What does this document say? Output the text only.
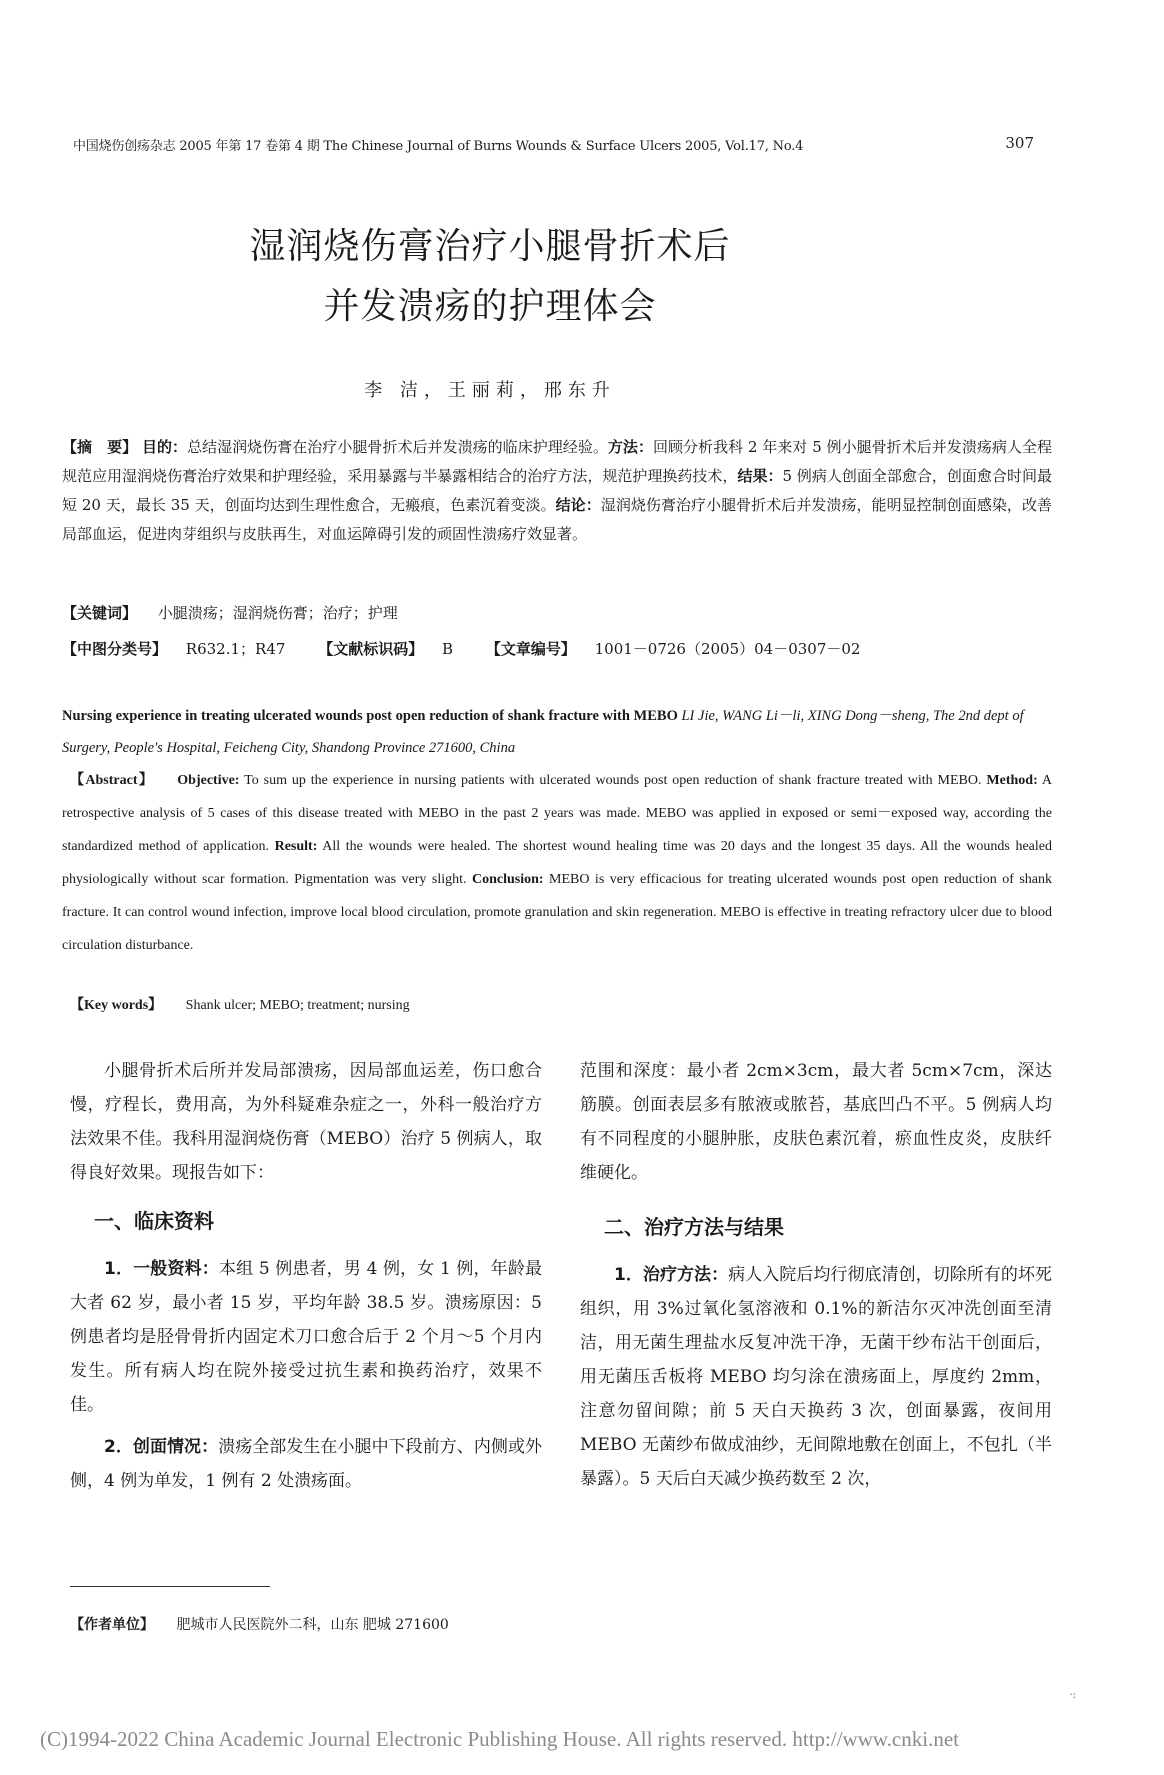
中国烧伤创疡杂志 2005 年第 17 卷第 4 期 The Chinese Journal of Burns Wounds & Surface Ulcers 2005, Vol.17, No.4	307
湿润烧伤膏治疗小腿骨折术后
并发溃疡的护理体会
李 洁，王丽莉，邢东升
【摘　要】 目的：总结湿润烧伤膏在治疗小腿骨折术后并发溃疡的临床护理经验。方法：回顾分析我科 2 年来对 5 例小腿骨折术后并发溃疡病人全程规范应用湿润烧伤膏治疗效果和护理经验，采用暴露与半暴露相结合的治疗方法，规范护理换药技术，结果：5 例病人创面全部愈合，创面愈合时间最短 20 天，最长 35 天，创面均达到生理性愈合，无瘢痕，色素沉着变淡。结论：湿润烧伤膏治疗小腿骨折术后并发溃疡，能明显控制创面感染，改善局部血运，促进肉芽组织与皮肤再生，对血运障碍引发的顽固性溃疡疗效显著。
【关键词】 小腿溃疡；湿润烧伤膏；治疗；护理
【中图分类号】 R632.1；R47 【文献标识码】 B 【文章编号】 1001－0726（2005）04－0307－02
Nursing experience in treating ulcerated wounds post open reduction of shank fracture with MEBO LI Jie, WANG Li－li, XING Dong－sheng, The 2nd dept of Surgery, People's Hospital, Feicheng City, Shandong Province 271600, China
【Abstract】 Objective: To sum up the experience in nursing patients with ulcerated wounds post open reduction of shank fracture treated with MEBO. Method: A retrospective analysis of 5 cases of this disease treated with MEBO in the past 2 years was made. MEBO was applied in exposed or semi－exposed way, according the standardized method of application. Result: All the wounds were healed. The shortest wound healing time was 20 days and the longest 35 days. All the wounds healed physiologically without scar formation. Pigmentation was very slight. Conclusion: MEBO is very efficacious for treating ulcerated wounds post open reduction of shank fracture. It can control wound infection, improve local blood circulation, promote granulation and skin regeneration. MEBO is effective in treating refractory ulcer due to blood circulation disturbance.
【Key words】 Shank ulcer; MEBO; treatment; nursing

小腿骨折术后所并发局部溃疡，因局部血运差，伤口愈合慢，疗程长，费用高，为外科疑难杂症之一，外科一般治疗方法效果不佳。我科用湿润烧伤膏（MEBO）治疗 5 例病人，取得良好效果。现报告如下：

一、临床资料

1．一般资料：本组 5 例患者，男 4 例，女 1 例，年龄最大者 62 岁，最小者 15 岁，平均年龄 38.5 岁。溃疡原因：5 例患者均是胫骨骨折内固定术刀口愈合后于 2 个月～5 个月内发生。所有病人均在院外接受过抗生素和换药治疗，效果不佳。

2．创面情况：溃疡全部发生在小腿中下段前方、内侧或外侧，4 例为单发，1 例有 2 处溃疡面。

范围和深度：最小者 2cm×3cm，最大者 5cm×7cm，深达筋膜。创面表层多有脓液或脓苔，基底凹凸不平。5 例病人均有不同程度的小腿肿胀，皮肤色素沉着，瘀血性皮炎，皮肤纤维硬化。

二、治疗方法与结果

1．治疗方法：病人入院后均行彻底清创，切除所有的坏死组织，用 3%过氧化氢溶液和 0.1%的新洁尔灭冲洗创面至清洁，用无菌生理盐水反复冲洗干净，无菌干纱布沾干创面后，用无菌压舌板将 MEBO 均匀涂在溃疡面上，厚度约 2mm，注意勿留间隙；前 5 天白天换药 3 次，创面暴露，夜间用 MEBO 无菌纱布做成油纱，无间隙地敷在创面上，不包扎（半暴露）。5 天后白天减少换药数至 2 次，

【作者单位】 肥城市人民医院外二科，山东 肥城 271600
·:
(C)1994-2022 China Academic Journal Electronic Publishing House. All rights reserved. http://www.cnki.net
